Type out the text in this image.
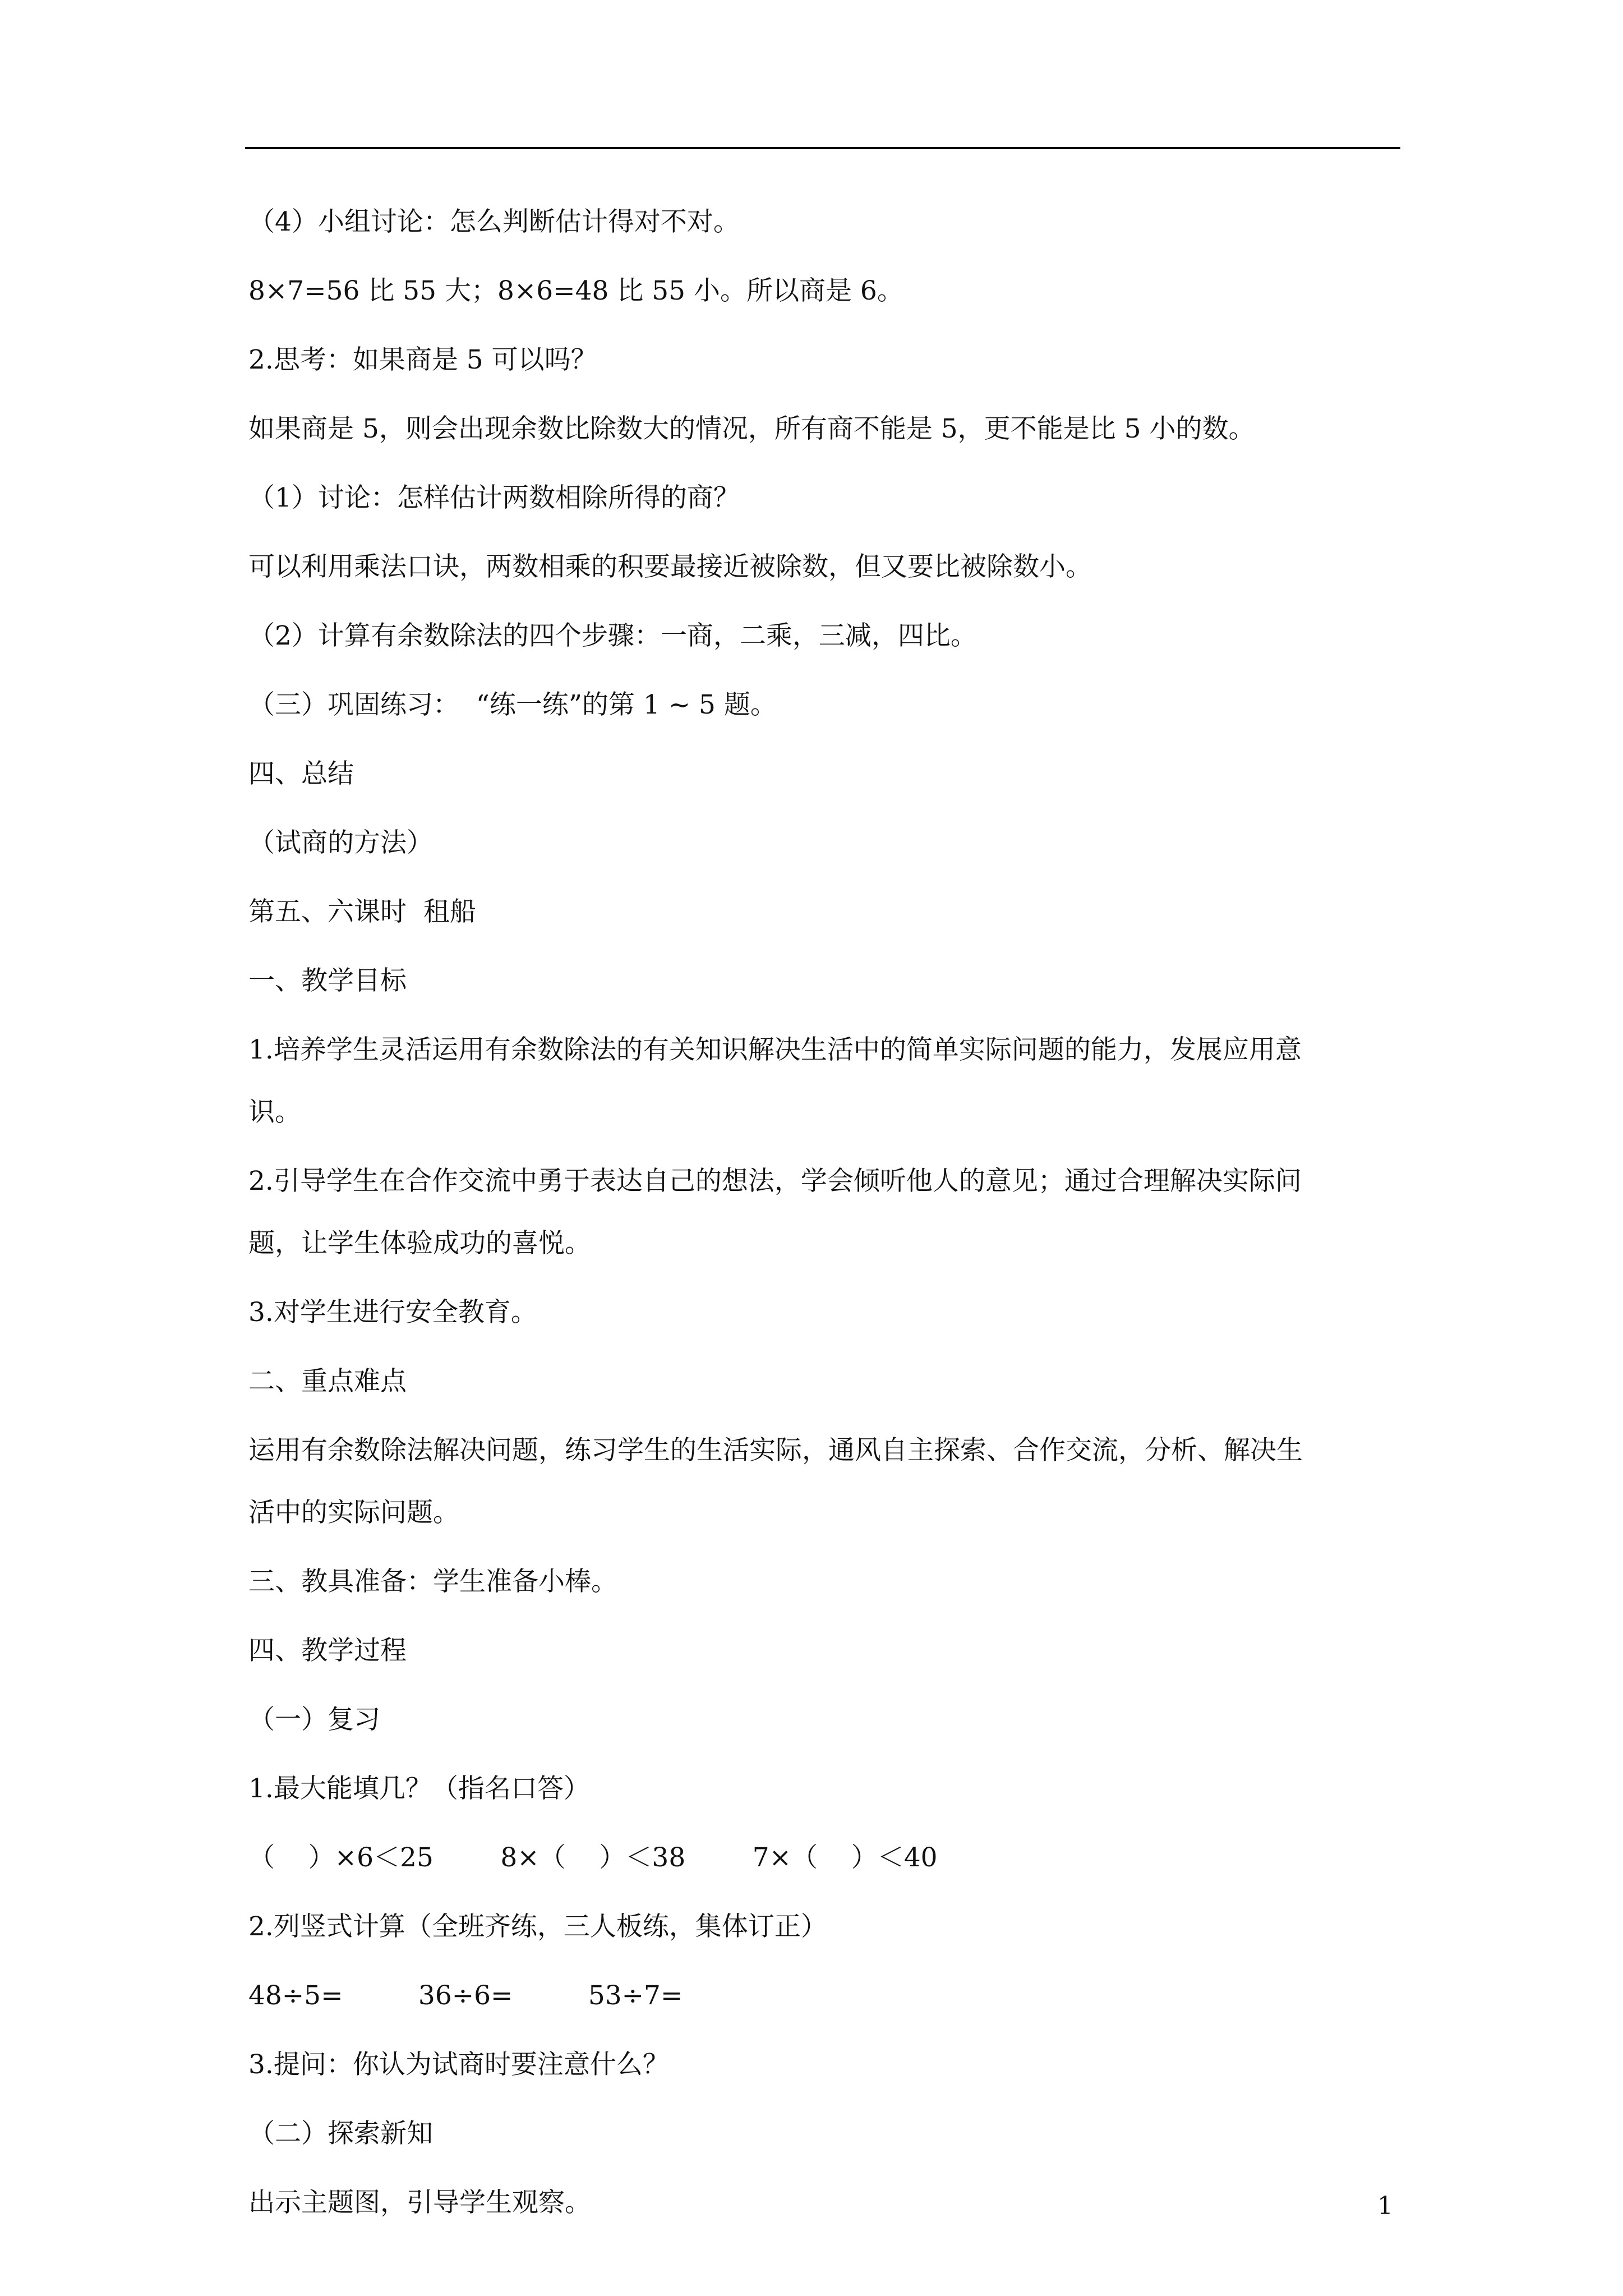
（4）小组讨论：怎么判断估计得对不对。
8×7=56 比 55 大；8×6=48 比 55 小。所以商是 6。
2.思考：如果商是 5 可以吗？
如果商是 5，则会出现余数比除数大的情况，所有商不能是 5，更不能是比 5 小的数。
（1）讨论：怎样估计两数相除所得的商？
可以利用乘法口诀，两数相乘的积要最接近被除数，但又要比被除数小。
（2）计算有余数除法的四个步骤：一商，二乘，三减，四比。
（三）巩固练习：  “练一练”的第 1 ~ 5 题。
四、总结
（试商的方法）
第五、六课时  租船
一、教学目标
1.培养学生灵活运用有余数除法的有关知识解决生活中的简单实际问题的能力，发展应用意
识。
2.引导学生在合作交流中勇于表达自己的想法，学会倾听他人的意见；通过合理解决实际问
题，让学生体验成功的喜悦。
3.对学生进行安全教育。
二、重点难点
运用有余数除法解决问题，练习学生的生活实际，通风自主探索、合作交流，分析、解决生
活中的实际问题。
三、教具准备：学生准备小棒。
四、教学过程
（一）复习
1.最大能填几？（指名口答）
（    ）×6＜25        8×（    ）＜38        7×（    ）＜40
2.列竖式计算（全班齐练，三人板练，集体订正）
48÷5=         36÷6=         53÷7=
3.提问：你认为试商时要注意什么？
（二）探索新知
出示主题图，引导学生观察。	1
